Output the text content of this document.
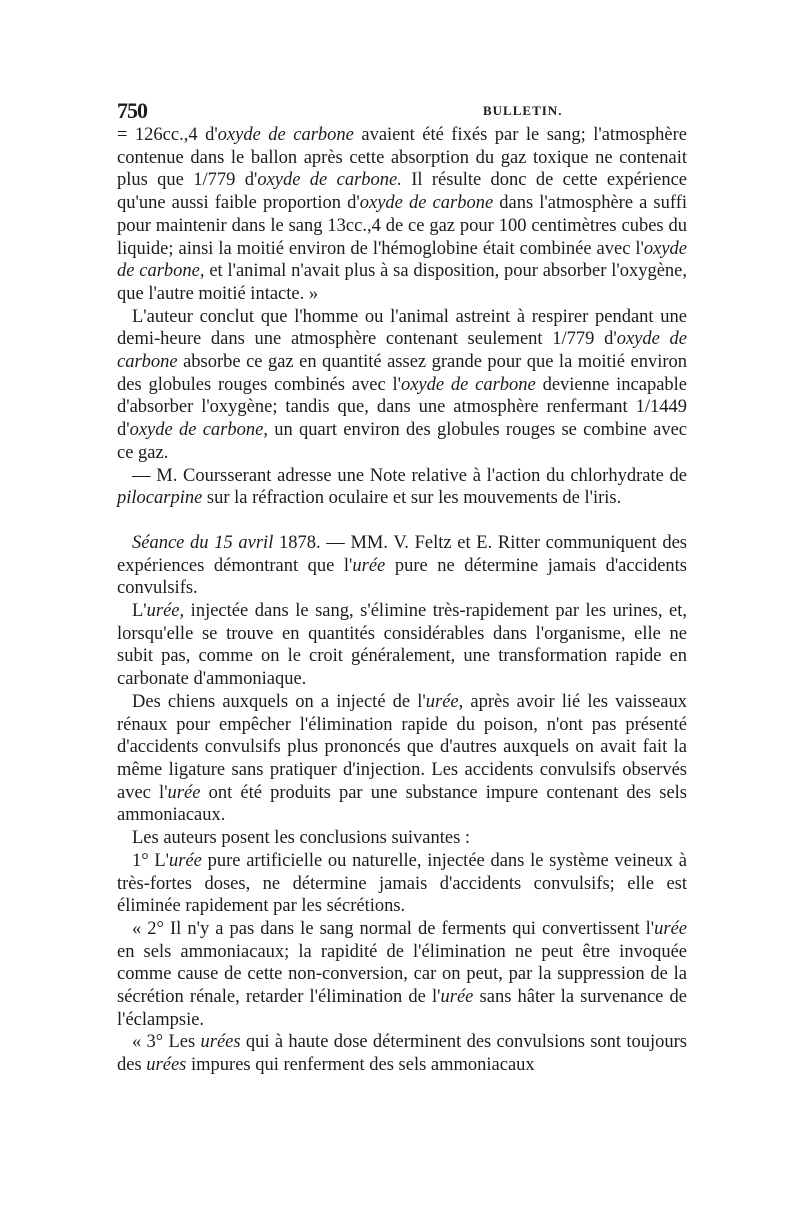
750	BULLETIN.

= 126cc.,4 d'oxyde de carbone avaient été fixés par le sang; l'atmosphère contenue dans le ballon après cette absorption du gaz toxique ne contenait plus que 1/779 d'oxyde de carbone. Il résulte donc de cette expérience qu'une aussi faible proportion d'oxyde de carbone dans l'atmosphère a suffi pour maintenir dans le sang 13cc.,4 de ce gaz pour 100 centimètres cubes du liquide; ainsi la moitié environ de l'hémoglobine était combinée avec l'oxyde de carbone, et l'animal n'avait plus à sa disposition, pour absorber l'oxygène, que l'autre moitié intacte. »

L'auteur conclut que l'homme ou l'animal astreint à respirer pendant une demi-heure dans une atmosphère contenant seulement 1/779 d'oxyde de carbone absorbe ce gaz en quantité assez grande pour que la moitié environ des globules rouges combinés avec l'oxyde de carbone devienne incapable d'absorber l'oxygène; tandis que, dans une atmosphère renfermant 1/1449 d'oxyde de carbone, un quart environ des globules rouges se combine avec ce gaz.

— M. Coursserant adresse une Note relative à l'action du chlorhydrate de pilocarpine sur la réfraction oculaire et sur les mouvements de l'iris.

Séance du 15 avril 1878. — MM. V. Feltz et E. Ritter communiquent des expériences démontrant que l'urée pure ne détermine jamais d'accidents convulsifs.

L'urée, injectée dans le sang, s'élimine très-rapidement par les urines, et, lorsqu'elle se trouve en quantités considérables dans l'organisme, elle ne subit pas, comme on le croit généralement, une transformation rapide en carbonate d'ammoniaque.

Des chiens auxquels on a injecté de l'urée, après avoir lié les vaisseaux rénaux pour empêcher l'élimination rapide du poison, n'ont pas présenté d'accidents convulsifs plus prononcés que d'autres auxquels on avait fait la même ligature sans pratiquer d'injection. Les accidents convulsifs observés avec l'urée ont été produits par une substance impure contenant des sels ammoniacaux.

Les auteurs posent les conclusions suivantes :

1° L'urée pure artificielle ou naturelle, injectée dans le système veineux à très-fortes doses, ne détermine jamais d'accidents convulsifs; elle est éliminée rapidement par les sécrétions.

« 2° Il n'y a pas dans le sang normal de ferments qui convertissent l'urée en sels ammoniacaux; la rapidité de l'élimination ne peut être invoquée comme cause de cette non-conversion, car on peut, par la suppression de la sécrétion rénale, retarder l'élimination de l'urée sans hâter la survenance de l'éclampsie.

« 3° Les urées qui à haute dose déterminent des convulsions sont toujours des urées impures qui renferment des sels ammoniacaux
